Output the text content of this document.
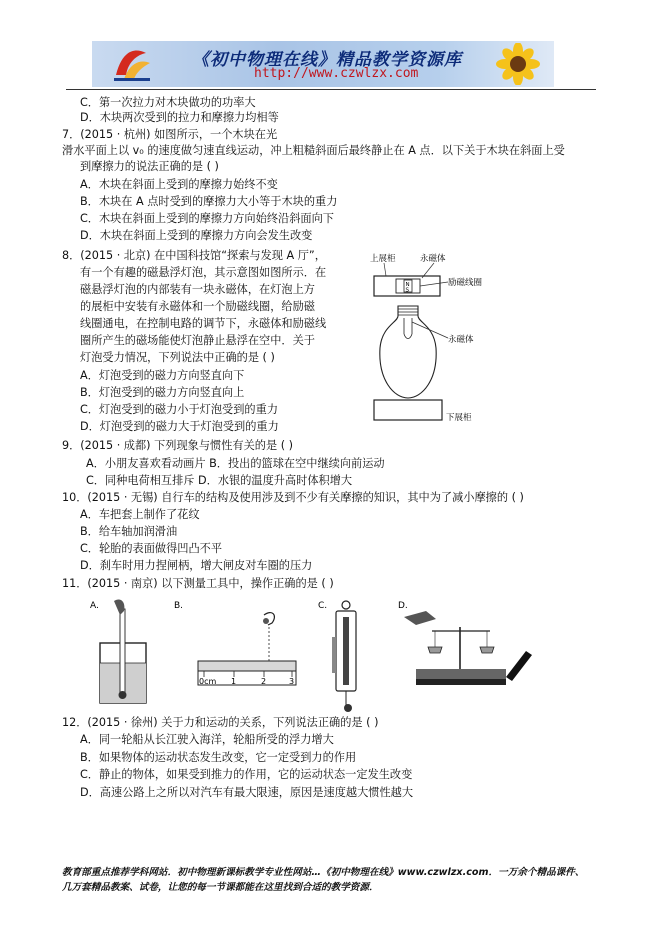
《初中物理在线》精品教学资源库
http://www.czwlzx.com
C．第一次拉力对木块做功的功率大
D．木块两次受到的拉力和摩擦力均相等
7．(2015 · 杭州) 如图所示，一个木块在光
滑水平面上以 v₀ 的速度做匀速直线运动，冲上粗糙斜面后最终静止在 A 点．以下关于木块在斜面上受
到摩擦力的说法正确的是 ( )
A．木块在斜面上受到的摩擦力始终不变
B．木块在 A 点时受到的摩擦力大小等于木块的重力
C．木块在斜面上受到的摩擦力方向始终沿斜面向下
D．木块在斜面上受到的摩擦力方向会发生改变
8．(2015 · 北京) 在中国科技馆“探索与发现 A 厅”，
有一个有趣的磁悬浮灯泡，其示意图如图所示．在
磁悬浮灯泡的内部装有一块永磁体，在灯泡上方
的展柜中安装有永磁体和一个励磁线圈，给励磁
线圈通电，在控制电路的调节下，永磁体和励磁线
圈所产生的磁场能使灯泡静止悬浮在空中．关于
灯泡受力情况，下列说法中正确的是 ( )
A．灯泡受到的磁力方向竖直向下
B．灯泡受到的磁力方向竖直向上
C．灯泡受到的磁力小于灯泡受到的重力
D．灯泡受到的磁力大于灯泡受到的重力
9．(2015 · 成都) 下列现象与惯性有关的是 ( )
A．小朋友喜欢看动画片 B．投出的篮球在空中继续向前运动
C．同种电荷相互排斥 D．水银的温度升高时体积增大
10．(2015 · 无锡) 自行车的结构及使用涉及到不少有关摩擦的知识，其中为了减小摩擦的 ( )
A．车把套上制作了花纹
B．给车轴加润滑油
C．轮胎的表面做得凹凸不平
D．刹车时用力捏闸柄，增大闸皮对车圈的压力
11．(2015 · 南京) 以下测量工具中，操作正确的是 ( )
12．(2015 · 徐州) 关于力和运动的关系，下列说法正确的是 ( )
A．同一轮船从长江驶入海洋，轮船所受的浮力增大
B．如果物体的运动状态发生改变，它一定受到力的作用
C．静止的物体，如果受到推力的作用，它的运动状态一定发生改变
D．高速公路上之所以对汽车有最大限速，原因是速度越大惯性越大
上展柜	永磁体
N
S
励磁线圈
永磁体
下展柜
A.	B.
0cm 1	2	3
C.	D.
教育部重点推荐学科网站．初中物理新课标教学专业性网站…《初中物理在线》www.czwlzx.com．一万余个精品课件、
几万套精品教案、试卷，让您的每一节课都能在这里找到合适的教学资源．
